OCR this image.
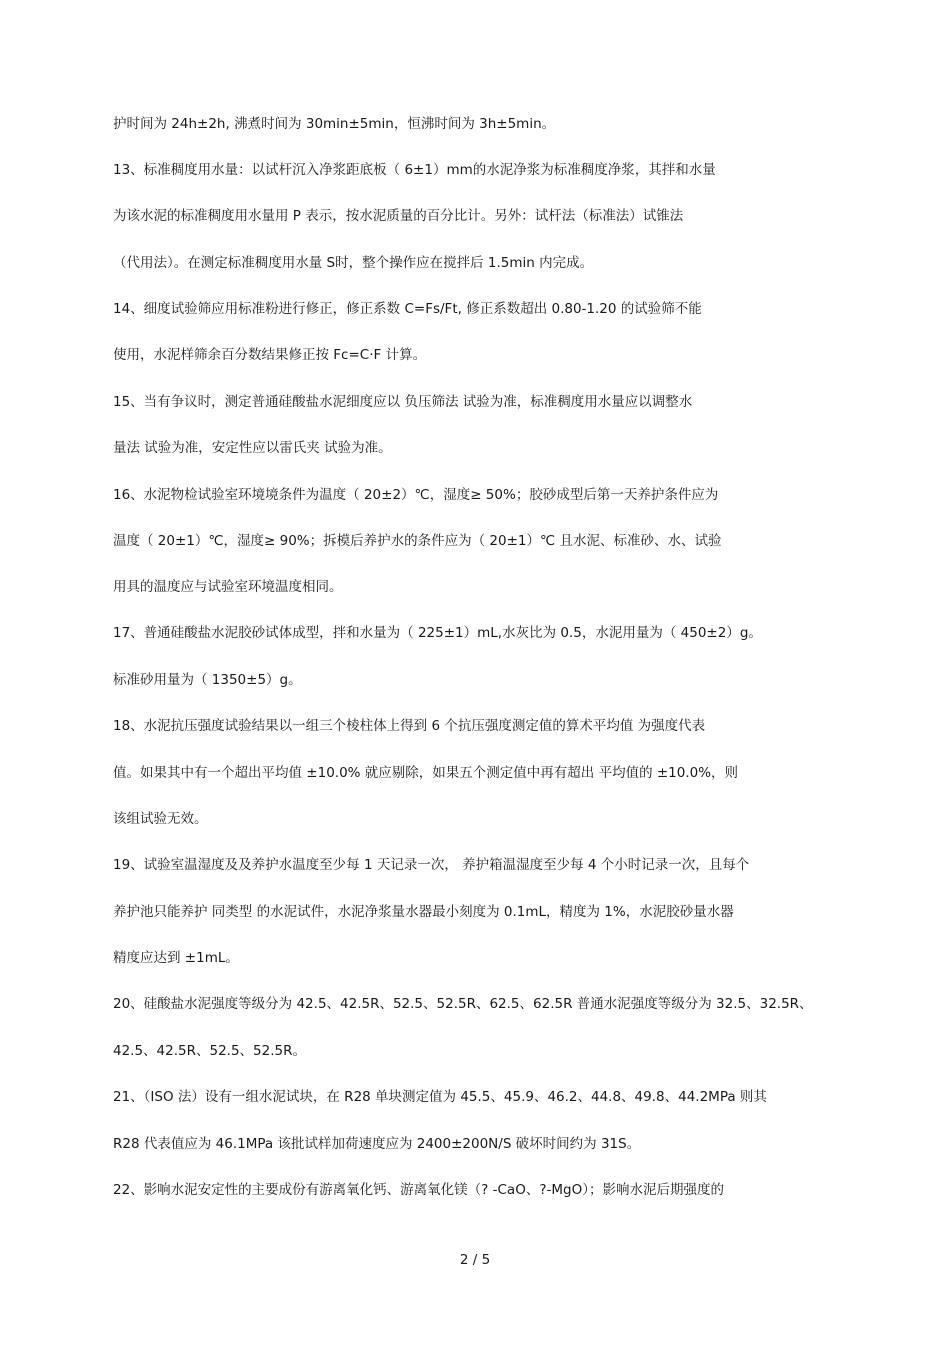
护时间为 24h±2h, 沸煮时间为 30min±5min，恒沸时间为 3h±5min。
13、标准稠度用水量：以试杆沉入净浆距底板（ 6±1）mm的水泥净浆为标准稠度净浆，其拌和水量
为该水泥的标准稠度用水量用 P 表示，按水泥质量的百分比计。另外：试杆法（标准法）试锥法
（代用法）。在测定标准稠度用水量 S时，整个操作应在搅拌后 1.5min 内完成。
14、细度试验筛应用标准粉进行修正，修正系数 C=Fs/Ft, 修正系数超出 0.80-1.20 的试验筛不能
使用，水泥样筛余百分数结果修正按 Fc=C·F 计算。
15、当有争议时，测定普通硅酸盐水泥细度应以 负压筛法 试验为准，标准稠度用水量应以调整水
量法 试验为准，安定性应以雷氏夹 试验为准。
16、水泥物检试验室环境境条件为温度（ 20±2）℃，湿度≥ 50%；胶砂成型后第一天养护条件应为
温度（ 20±1）℃，湿度≥ 90%；拆模后养护水的条件应为（ 20±1）℃ 且水泥、标准砂、水、试验
用具的温度应与试验室环境温度相同。
17、普通硅酸盐水泥胶砂试体成型，拌和水量为（ 225±1）mL,水灰比为 0.5，水泥用量为（ 450±2）g。
标准砂用量为（ 1350±5）g。
18、水泥抗压强度试验结果以一组三个棱柱体上得到 6 个抗压强度测定值的算术平均值 为强度代表
值。如果其中有一个超出平均值 ±10.0% 就应剔除，如果五个测定值中再有超出 平均值的 ±10.0%，则
该组试验无效。
19、试验室温湿度及及养护水温度至少每 1 天记录一次， 养护箱温湿度至少每 4 个小时记录一次，且每个
养护池只能养护 同类型 的水泥试件，水泥净浆量水器最小刻度为 0.1mL，精度为 1%，水泥胶砂量水器
精度应达到 ±1mL。
20、硅酸盐水泥强度等级分为 42.5、42.5R、52.5、52.5R、62.5、62.5R 普通水泥强度等级分为 32.5、32.5R、
42.5、42.5R、52.5、52.5R。
21、（ISO 法）设有一组水泥试块，在 R28 单块测定值为 45.5、45.9、46.2、44.8、49.8、44.2MPa 则其
R28 代表值应为 46.1MPa 该批试样加荷速度应为 2400±200N/S 破坏时间约为 31S。
22、影响水泥安定性的主要成份有游离氧化钙、游离氧化镁（? -CaO、?-MgO）；影响水泥后期强度的
2 / 5
